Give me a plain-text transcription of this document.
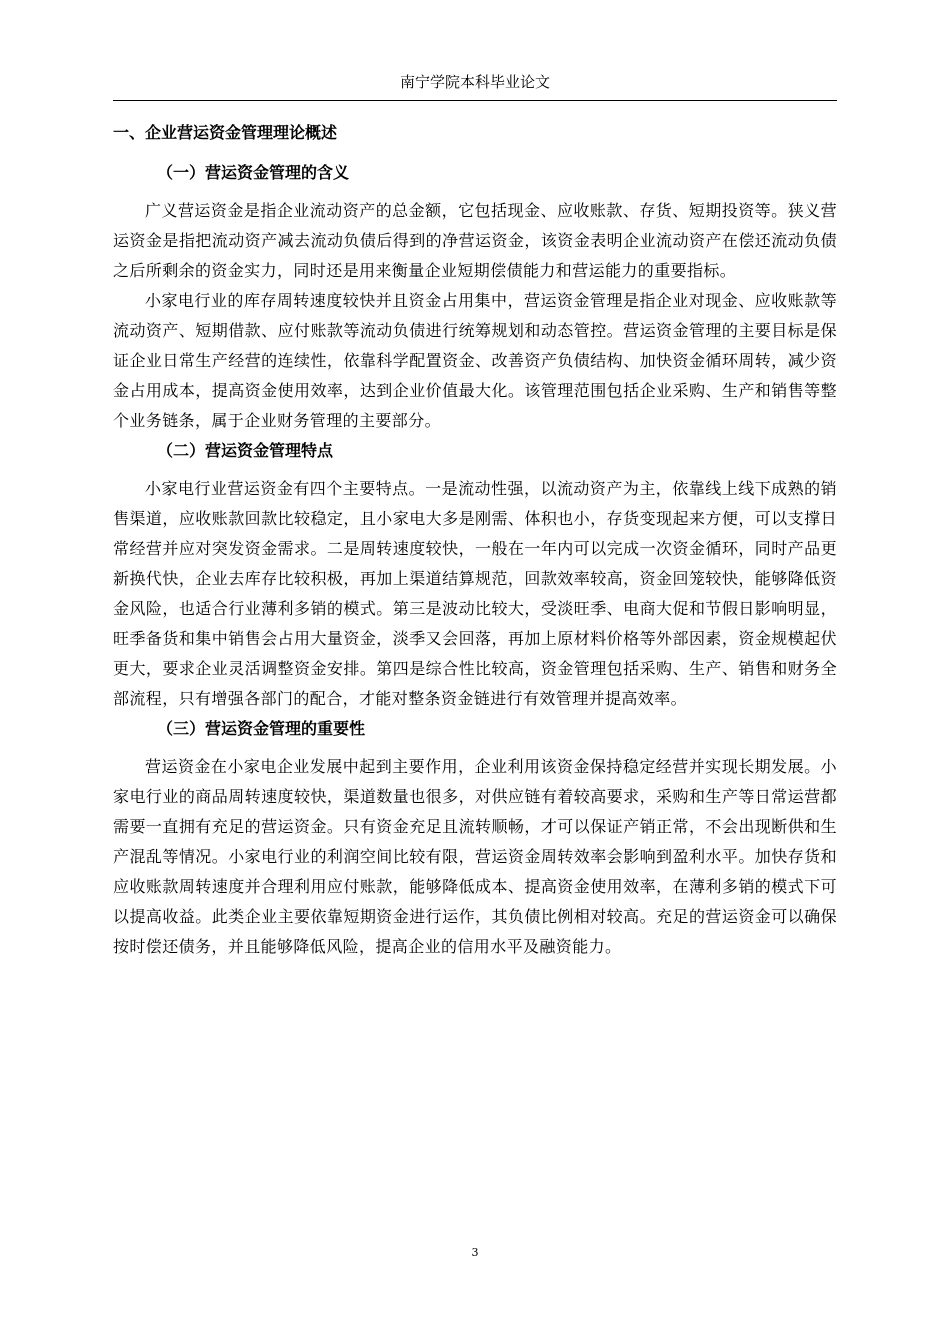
南宁学院本科毕业论文
一、企业营运资金管理理论概述
（一）营运资金管理的含义

广义营运资金是指企业流动资产的总金额，它包括现金、应收账款、存货、短期投资等。狭义营运资金是指把流动资产减去流动负债后得到的净营运资金，该资金表明企业流动资产在偿还流动负债之后所剩余的资金实力，同时还是用来衡量企业短期偿债能力和营运能力的重要指标。

小家电行业的库存周转速度较快并且资金占用集中，营运资金管理是指企业对现金、应收账款等流动资产、短期借款、应付账款等流动负债进行统筹规划和动态管控。营运资金管理的主要目标是保证企业日常生产经营的连续性，依靠科学配置资金、改善资产负债结构、加快资金循环周转，减少资金占用成本，提高资金使用效率，达到企业价值最大化。该管理范围包括企业采购、生产和销售等整个业务链条，属于企业财务管理的主要部分。

（二）营运资金管理特点

小家电行业营运资金有四个主要特点。一是流动性强，以流动资产为主，依靠线上线下成熟的销售渠道，应收账款回款比较稳定，且小家电大多是刚需、体积也小，存货变现起来方便，可以支撑日常经营并应对突发资金需求。二是周转速度较快，一般在一年内可以完成一次资金循环，同时产品更新换代快，企业去库存比较积极，再加上渠道结算规范，回款效率较高，资金回笼较快，能够降低资金风险，也适合行业薄利多销的模式。第三是波动比较大，受淡旺季、电商大促和节假日影响明显，旺季备货和集中销售会占用大量资金，淡季又会回落，再加上原材料价格等外部因素，资金规模起伏更大，要求企业灵活调整资金安排。第四是综合性比较高，资金管理包括采购、生产、销售和财务全部流程，只有增强各部门的配合，才能对整条资金链进行有效管理并提高效率。

（三）营运资金管理的重要性

营运资金在小家电企业发展中起到主要作用，企业利用该资金保持稳定经营并实现长期发展。小家电行业的商品周转速度较快，渠道数量也很多，对供应链有着较高要求，采购和生产等日常运营都需要一直拥有充足的营运资金。只有资金充足且流转顺畅，才可以保证产销正常，不会出现断供和生产混乱等情况。小家电行业的利润空间比较有限，营运资金周转效率会影响到盈利水平。加快存货和应收账款周转速度并合理利用应付账款，能够降低成本、提高资金使用效率，在薄利多销的模式下可以提高收益。此类企业主要依靠短期资金进行运作，其负债比例相对较高。充足的营运资金可以确保按时偿还债务，并且能够降低风险，提高企业的信用水平及融资能力。

3
